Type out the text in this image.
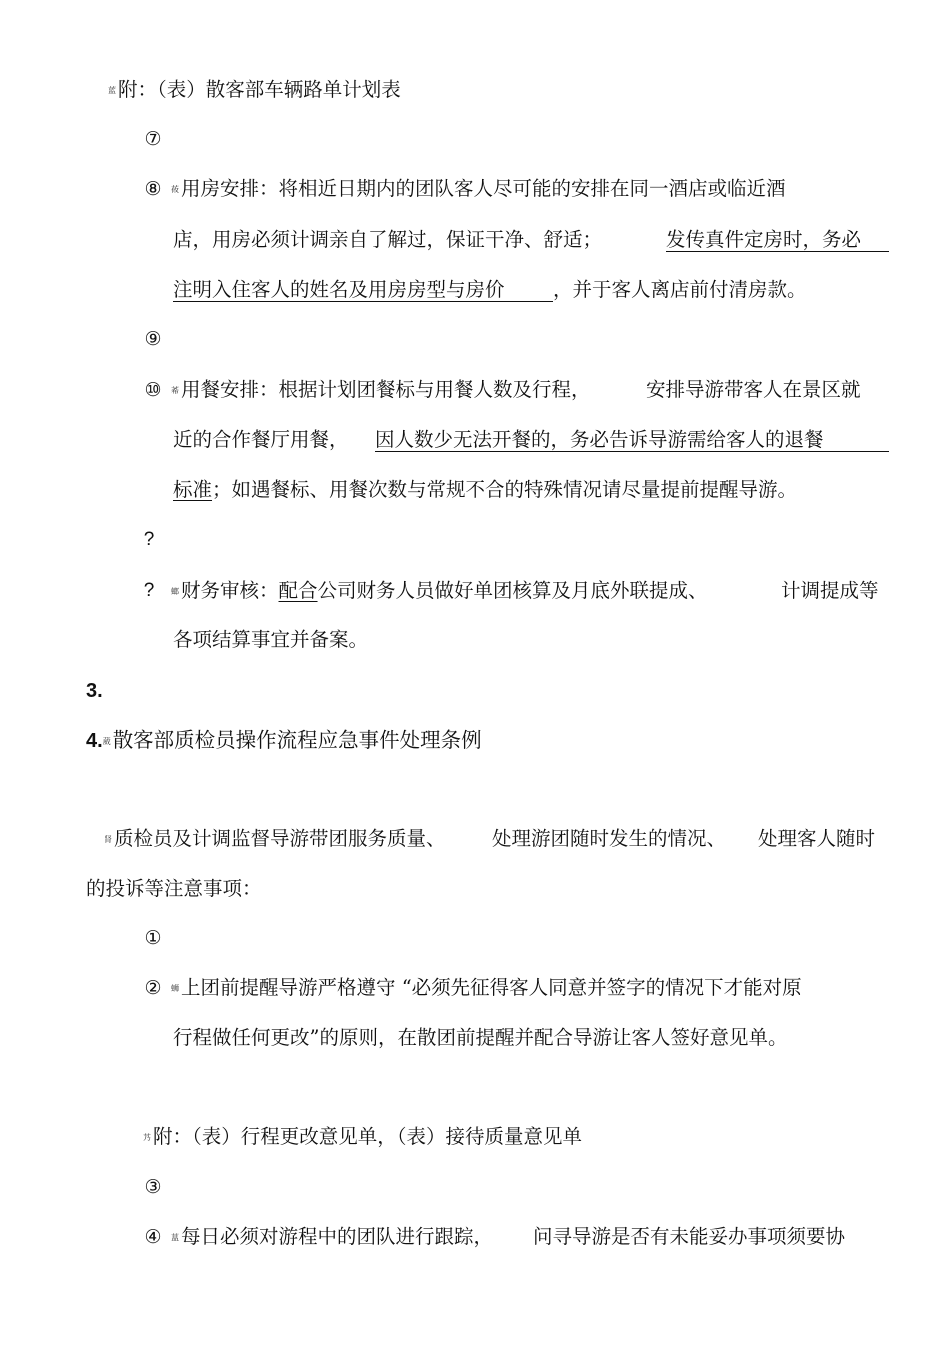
蓝 附：（表）散客部车辆路单计划表
⑦
⑧	莜 用房安排：将相近日期内的团队客人尽可能的安排在同一酒店或临近酒
店，用房必须计调亲自了解过，保证干净、舒适；	发传真件定房时，务必
注明入住客人的姓名及用房房型与房价 ，并于客人离店前付清房款。
⑨
⑩	莃 用餐安排：根据计划团餐标与用餐人数及行程，	安排导游带客人在景区就
近的合作餐厅用餐， 因人数少无法开餐的，务必告诉导游需给客人的退餐
标准；如遇餐标、用餐次数与常规不合的特殊情况请尽量提前提醒导游。
?
?	螂 财务审核：配合公司财务人员做好单团核算及月底外联提成、	计调提成等
各项结算事宜并备案。
3.
4.葳散客部质检员操作流程应急事件处理条例
肾 质检员及计调监督导游带团服务质量、 处理游团随时发生的情况、 处理客人随时
的投诉等注意事项：
①
②	蛳 上团前提醒导游严格遵守 “必须先征得客人同意并签字的情况下才能对原
行程做任何更改”的原则，在散团前提醒并配合导游让客人签好意见单。
艿 附：（表）行程更改意见单，（表）接待质量意见单
③
④	蒀 每日必须对游程中的团队进行跟踪， 问寻导游是否有未能妥办事项须要协
